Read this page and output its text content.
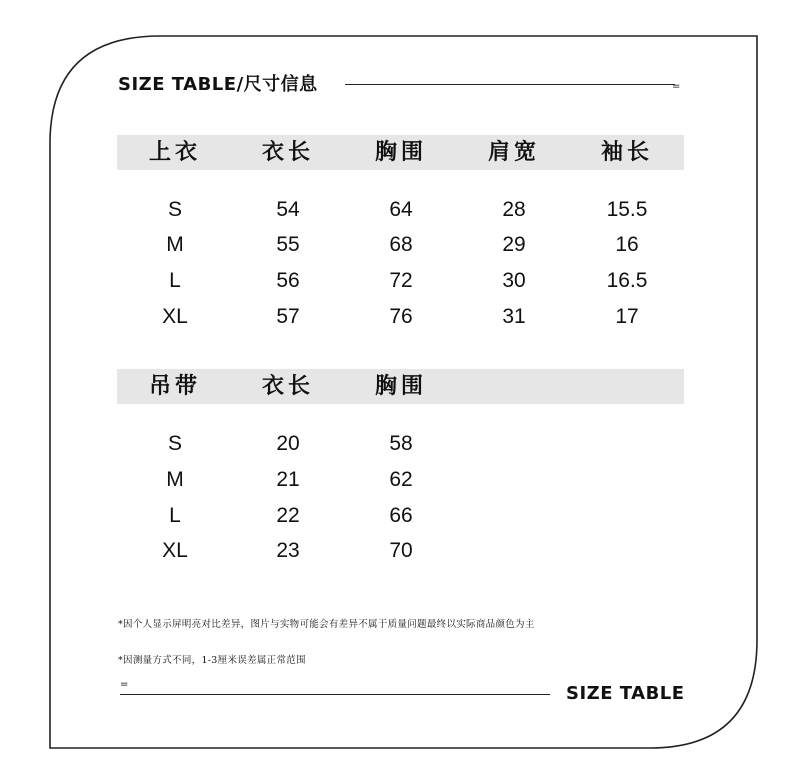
SIZE TABLE/尺寸信息	=
上衣	衣长	胸围	肩宽	袖长
S	54	64	28	15.5
M	55	68	29	16
L	56	72	30	16.5
XL	57	76	31	17
吊带	衣长	胸围
S	20	58
M	21	62
L	22	66
XL	23	70
*因个人显示屏明亮对比差异，图片与实物可能会有差异不属于质量问题最终以实际商品颜色为主
*因测量方式不同，1-3厘米误差属正常范围
=	SIZE TABLE
